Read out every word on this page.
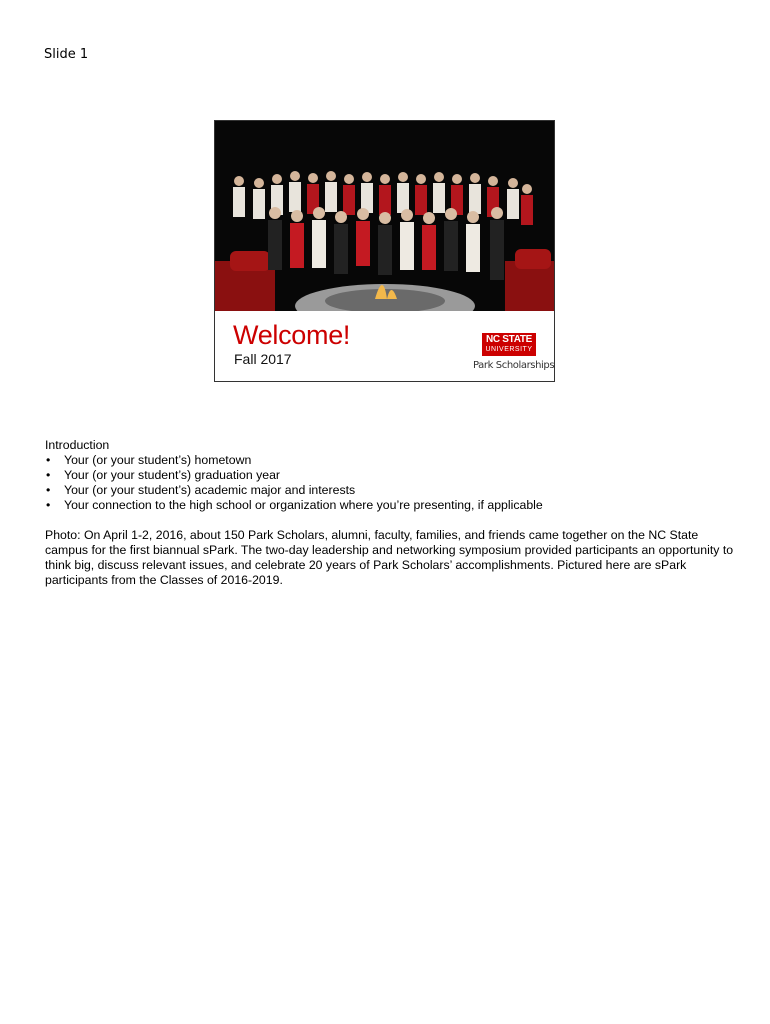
Slide 1
Welcome!
Fall 2017
NC STATE
UNIVERSITY
Park Scholarships

Introduction

• Your (or your student’s) hometown
• Your (or your student’s) graduation year
• Your (or your student’s) academic major and interests
• Your connection to the high school or organization where you’re presenting, if applicable

Photo: On April 1-2, 2016, about 150 Park Scholars, alumni, faculty, families, and friends came together on the NC State campus for the first biannual sPark. The two-day leadership and networking symposium provided participants an opportunity to think big, discuss relevant issues, and celebrate 20 years of Park Scholars’ accomplishments. Pictured here are sPark participants from the Classes of 2016-2019.
